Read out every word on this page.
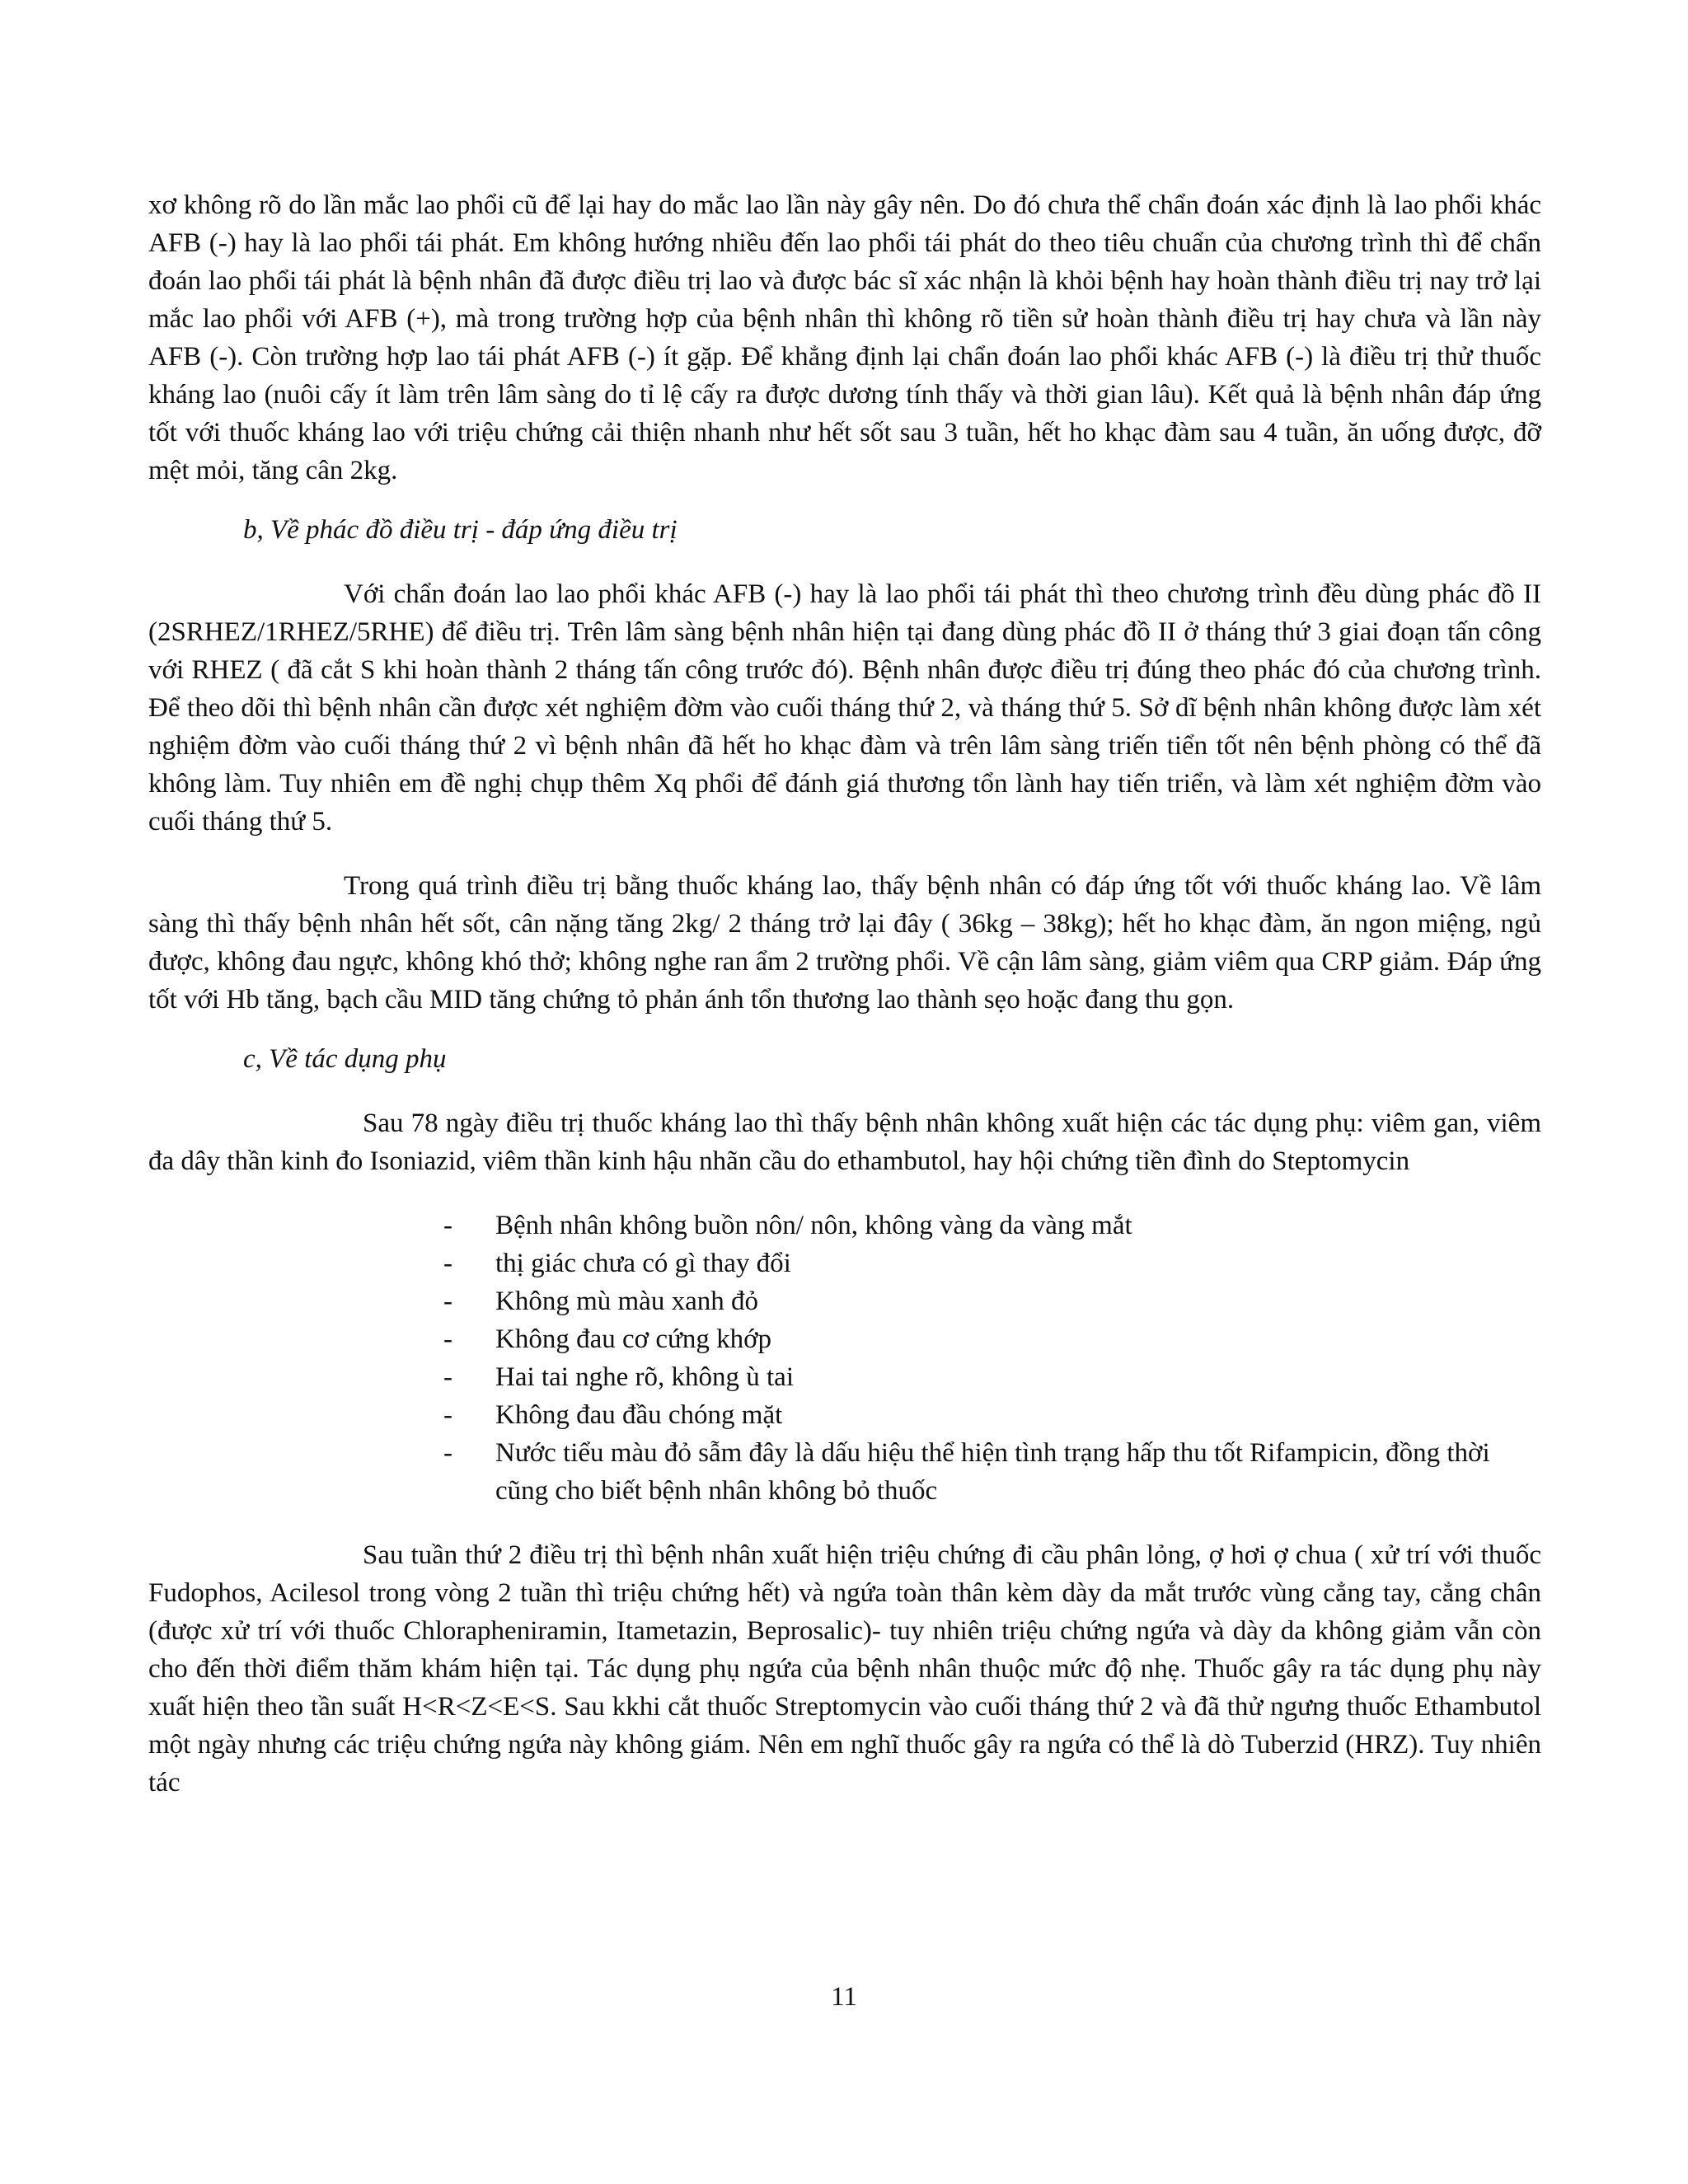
xơ không rõ do lần mắc lao phổi cũ để lại hay do mắc lao lần này gây nên. Do đó chưa thể chẩn đoán xác định là lao phổi khác AFB (-) hay là lao phổi tái phát. Em không hướng nhiều đến lao phổi tái phát do theo tiêu chuẩn của chương trình thì để chẩn đoán lao phổi tái phát là bệnh nhân đã được điều trị lao và được bác sĩ xác nhận là khỏi bệnh hay hoàn thành điều trị nay trở lại mắc lao phổi với AFB (+), mà trong trường hợp của bệnh nhân thì không rõ tiền sử hoàn thành điều trị hay chưa và lần này AFB (-). Còn trường hợp lao tái phát AFB (-) ít gặp. Để khẳng định lại chẩn đoán lao phổi khác AFB (-) là điều trị thử thuốc kháng lao (nuôi cấy ít làm trên lâm sàng do tỉ lệ cấy ra được dương tính thấy và thời gian lâu). Kết quả là bệnh nhân đáp ứng tốt với thuốc kháng lao với triệu chứng cải thiện nhanh như hết sốt sau 3 tuần, hết ho khạc đàm sau 4 tuần, ăn uống được, đỡ mệt mỏi, tăng cân 2kg.

b, Về phác đồ điều trị - đáp ứng điều trị

Với chẩn đoán lao lao phổi khác AFB (-) hay là lao phổi tái phát thì theo chương trình đều dùng phác đồ II (2SRHEZ/1RHEZ/5RHE) để điều trị. Trên lâm sàng bệnh nhân hiện tại đang dùng phác đồ II ở tháng thứ 3 giai đoạn tấn công với RHEZ ( đã cắt S khi hoàn thành 2 tháng tấn công trước đó). Bệnh nhân được điều trị đúng theo phác đó của chương trình. Để theo dõi thì bệnh nhân cần được xét nghiệm đờm vào cuối tháng thứ 2, và tháng thứ 5. Sở dĩ bệnh nhân không được làm xét nghiệm đờm vào cuối tháng thứ 2 vì bệnh nhân đã hết ho khạc đàm và trên lâm sàng triến tiển tốt nên bệnh phòng có thể đã không làm. Tuy nhiên em đề nghị chụp thêm Xq phổi để đánh giá thương tổn lành hay tiến triển, và làm xét nghiệm đờm vào cuối tháng thứ 5.

Trong quá trình điều trị bằng thuốc kháng lao, thấy bệnh nhân có đáp ứng tốt với thuốc kháng lao. Về lâm sàng thì thấy bệnh nhân hết sốt, cân nặng tăng 2kg/ 2 tháng trở lại đây ( 36kg – 38kg); hết ho khạc đàm, ăn ngon miệng, ngủ được, không đau ngực, không khó thở; không nghe ran ẩm 2 trường phổi. Về cận lâm sàng, giảm viêm qua CRP giảm. Đáp ứng tốt với Hb tăng, bạch cầu MID tăng chứng tỏ phản ánh tổn thương lao thành sẹo hoặc đang thu gọn.

c, Về tác dụng phụ

Sau 78 ngày điều trị thuốc kháng lao thì thấy bệnh nhân không xuất hiện các tác dụng phụ: viêm gan, viêm đa dây thần kinh đo Isoniazid, viêm thần kinh hậu nhãn cầu do ethambutol, hay hội chứng tiền đình do Steptomycin

- Bệnh nhân không buồn nôn/ nôn, không vàng da vàng mắt
- thị giác chưa có gì thay đổi
- Không mù màu xanh đỏ
- Không đau cơ cứng khớp
- Hai tai nghe rõ, không ù tai
- Không đau đầu chóng mặt
- Nước tiểu màu đỏ sẫm đây là dấu hiệu thể hiện tình trạng hấp thu tốt Rifampicin, đồng thời cũng cho biết bệnh nhân không bỏ thuốc

Sau tuần thứ 2 điều trị thì bệnh nhân xuất hiện triệu chứng đi cầu phân lỏng, ợ hơi ợ chua ( xử trí với thuốc Fudophos, Acilesol trong vòng 2 tuần thì triệu chứng hết) và ngứa toàn thân kèm dày da mắt trước vùng cẳng tay, cẳng chân (được xử trí với thuốc Chlorapheniramin, Itametazin, Beprosalic)- tuy nhiên triệu chứng ngứa và dày da không giảm vẫn còn cho đến thời điểm thăm khám hiện tại. Tác dụng phụ ngứa của bệnh nhân thuộc mức độ nhẹ. Thuốc gây ra tác dụng phụ này xuất hiện theo tần suất H<R<Z<E<S. Sau kkhi cắt thuốc Streptomycin vào cuối tháng thứ 2 và đã thử ngưng thuốc Ethambutol một ngày nhưng các triệu chứng ngứa này không giám. Nên em nghĩ thuốc gây ra ngứa có thể là dò Tuberzid (HRZ). Tuy nhiên tác

11
